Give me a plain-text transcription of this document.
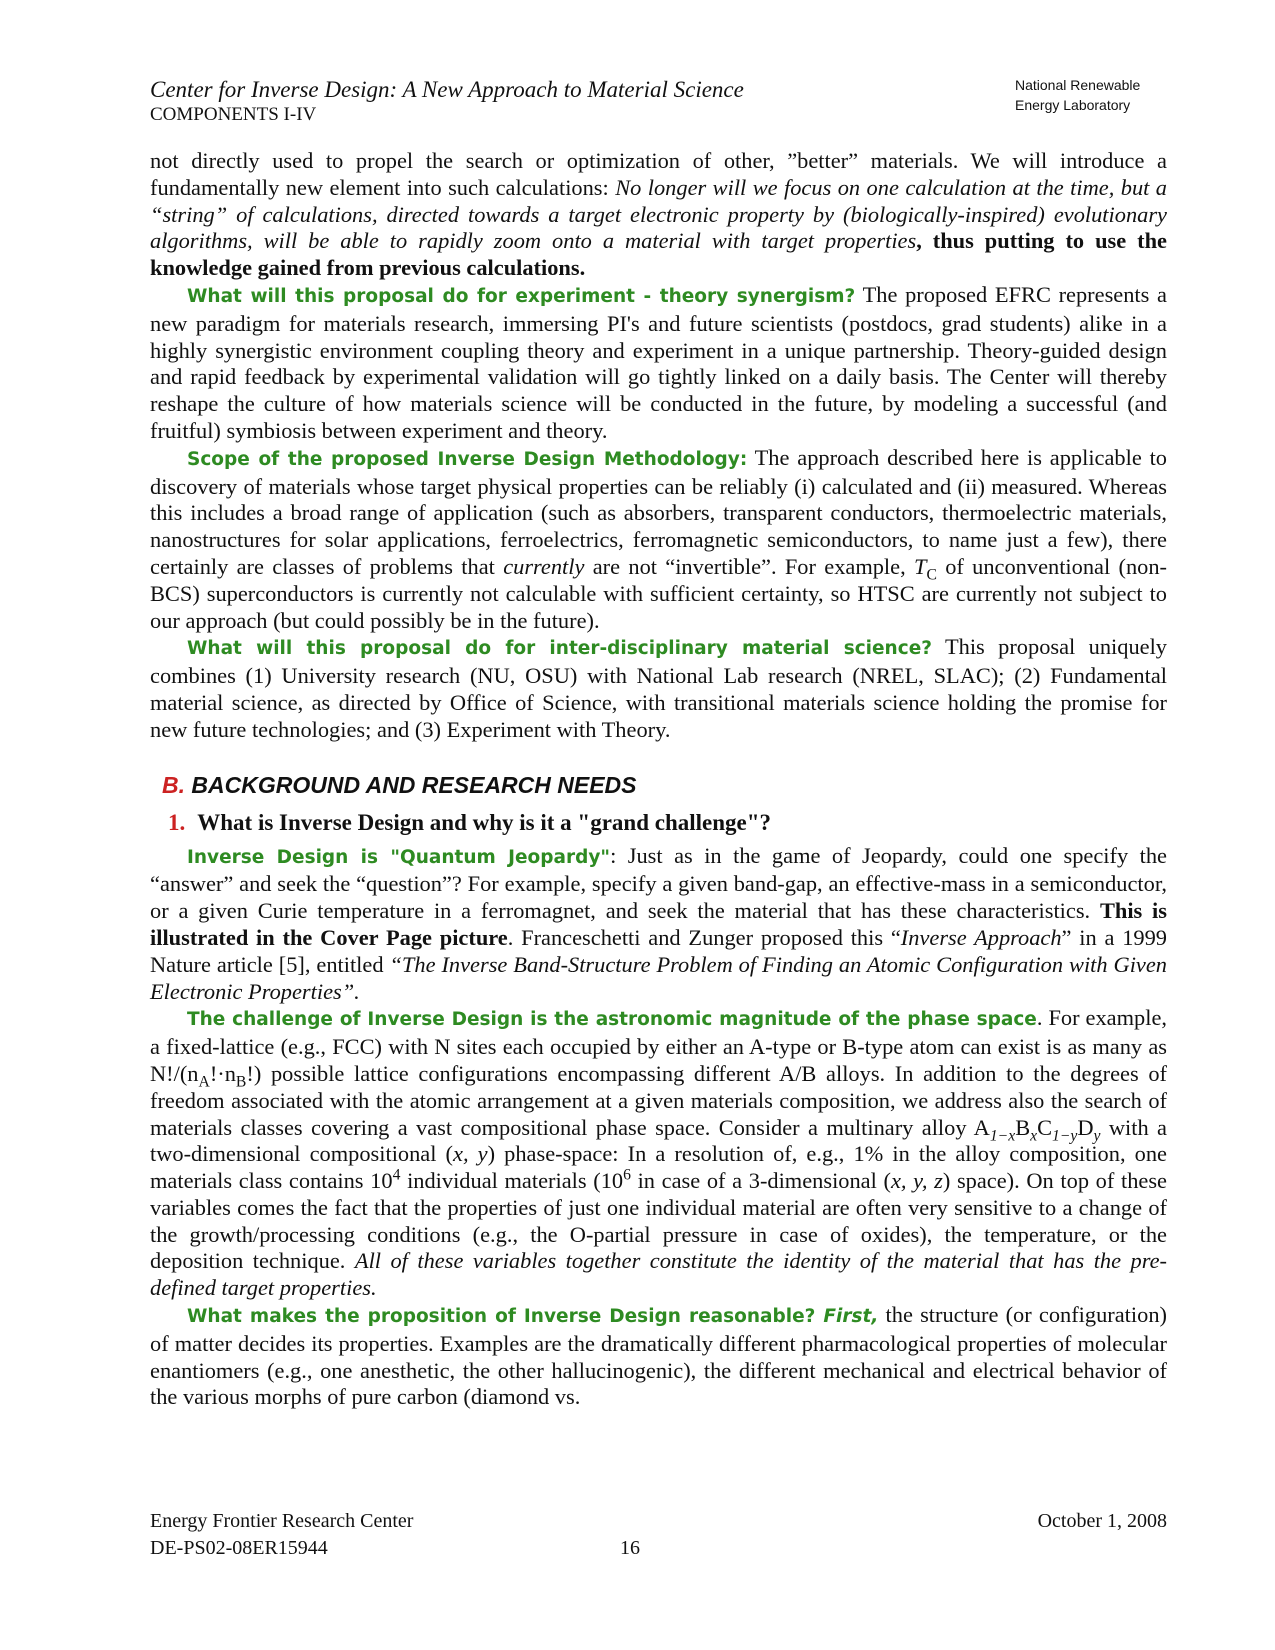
Center for Inverse Design: A New Approach to Material Science
COMPONENTS I-IV
National Renewable
Energy Laboratory

not directly used to propel the search or optimization of other, ”better” materials. We will introduce a fundamentally new element into such calculations: No longer will we focus on one calculation at the time, but a “string” of calculations, directed towards a target electronic property by (biologically-inspired) evolutionary algorithms, will be able to rapidly zoom onto a material with target properties, thus putting to use the knowledge gained from previous calculations.

What will this proposal do for experiment - theory synergism? The proposed EFRC represents a new paradigm for materials research, immersing PI's and future scientists (postdocs, grad students) alike in a highly synergistic environment coupling theory and experiment in a unique partnership. Theory-guided design and rapid feedback by experimental validation will go tightly linked on a daily basis. The Center will thereby reshape the culture of how materials science will be conducted in the future, by modeling a successful (and fruitful) symbiosis between experiment and theory.

Scope of the proposed Inverse Design Methodology: The approach described here is applicable to discovery of materials whose target physical properties can be reliably (i) calculated and (ii) measured. Whereas this includes a broad range of application (such as absorbers, transparent conductors, thermoelectric materials, nanostructures for solar applications, ferroelectrics, ferromagnetic semiconductors, to name just a few), there certainly are classes of problems that currently are not “invertible”. For example, $T_C$ of unconventional (non-BCS) superconductors is currently not calculable with sufficient certainty, so HTSC are currently not subject to our approach (but could possibly be in the future).

What will this proposal do for inter-disciplinary material science? This proposal uniquely combines (1) University research (NU, OSU) with National Lab research (NREL, SLAC); (2) Fundamental material science, as directed by Office of Science, with transitional materials science holding the promise for new future technologies; and (3) Experiment with Theory.

B. BACKGROUND AND RESEARCH NEEDS
1. What is Inverse Design and why is it a "grand challenge"?

Inverse Design is "Quantum Jeopardy": Just as in the game of Jeopardy, could one specify the “answer” and seek the “question”? For example, specify a given band-gap, an effective-mass in a semiconductor, or a given Curie temperature in a ferromagnet, and seek the material that has these characteristics. This is illustrated in the Cover Page picture. Franceschetti and Zunger proposed this “Inverse Approach” in a 1999 Nature article [5], entitled “The Inverse Band-Structure Problem of Finding an Atomic Configuration with Given Electronic Properties”.

The challenge of Inverse Design is the astronomic magnitude of the phase space. For example, a fixed-lattice (e.g., FCC) with N sites each occupied by either an A-type or B-type atom can exist is as many as $N!/(n_A!\cdot n_B!)$ possible lattice configurations encompassing different A/B alloys. In addition to the degrees of freedom associated with the atomic arrangement at a given materials composition, we address also the search of materials classes covering a vast compositional phase space. Consider a multinary alloy $A_{1-x}B_xC_{1-y}D_y$ with a two-dimensional compositional (x, y) phase-space: In a resolution of, e.g., 1% in the alloy composition, one materials class contains $10^4$ individual materials ($10^6$ in case of a 3-dimensional (x, y, z) space). On top of these variables comes the fact that the properties of just one individual material are often very sensitive to a change of the growth/processing conditions (e.g., the O-partial pressure in case of oxides), the temperature, or the deposition technique. All of these variables together constitute the identity of the material that has the pre-defined target properties.

What makes the proposition of Inverse Design reasonable? First, the structure (or configuration) of matter decides its properties. Examples are the dramatically different pharmacological properties of molecular enantiomers (e.g., one anesthetic, the other hallucinogenic), the different mechanical and electrical behavior of the various morphs of pure carbon (diamond vs.

Energy Frontier Research Center
DE-PS02-08ER15944	16
October 1, 2008
